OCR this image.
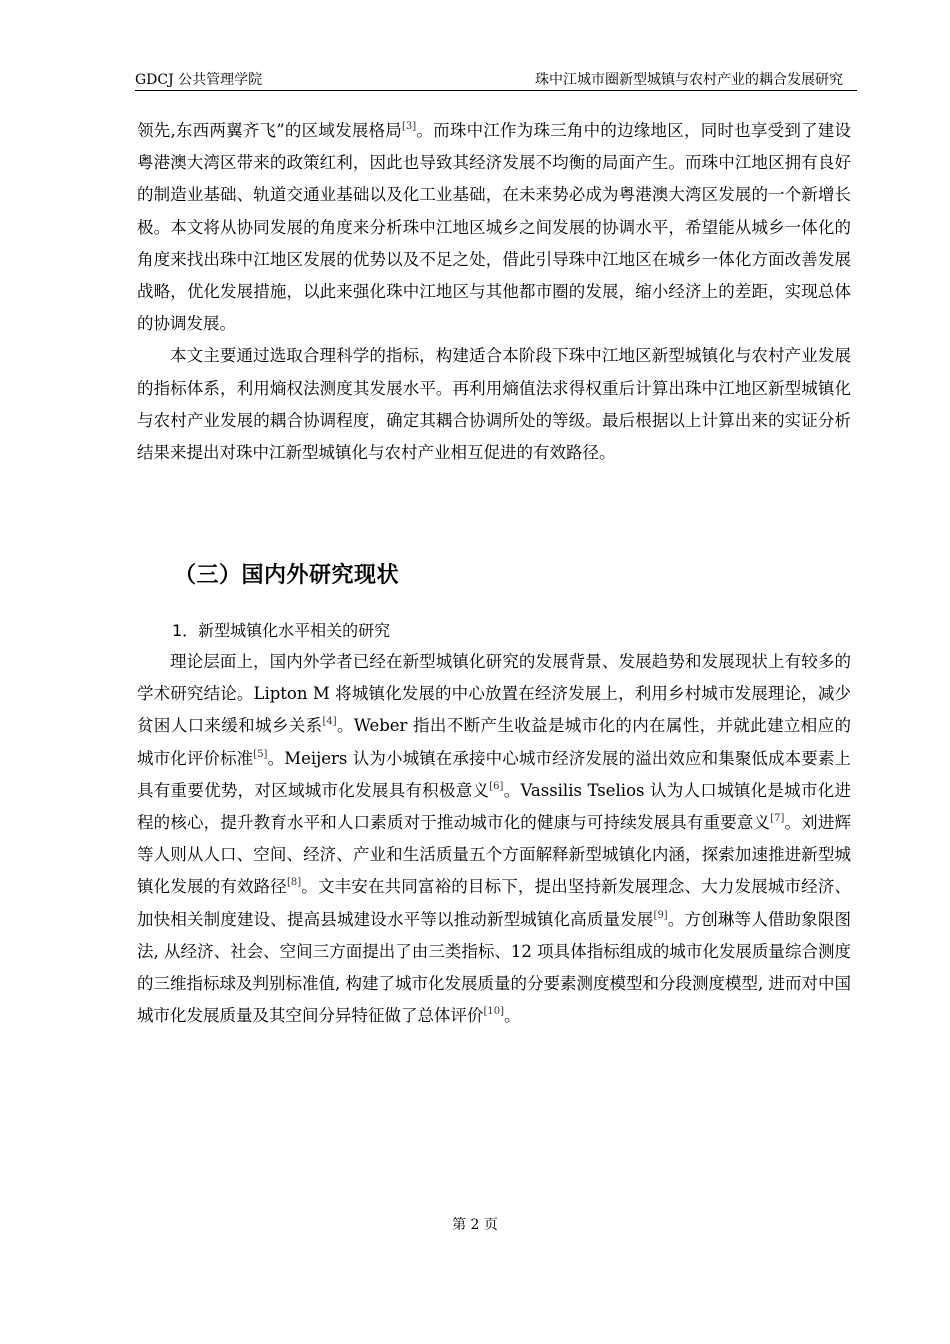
GDCJ 公共管理学院	珠中江城市圈新型城镇与农村产业的耦合发展研究

领先,东西两翼齐飞”的区域发展格局[3]。而珠中江作为珠三角中的边缘地区，同时也享受到了建设粤港澳大湾区带来的政策红利，因此也导致其经济发展不均衡的局面产生。而珠中江地区拥有良好的制造业基础、轨道交通业基础以及化工业基础，在未来势必成为粤港澳大湾区发展的一个新增长极。本文将从协同发展的角度来分析珠中江地区城乡之间发展的协调水平，希望能从城乡一体化的角度来找出珠中江地区发展的优势以及不足之处，借此引导珠中江地区在城乡一体化方面改善发展战略，优化发展措施，以此来强化珠中江地区与其他都市圈的发展，缩小经济上的差距，实现总体的协调发展。

本文主要通过选取合理科学的指标，构建适合本阶段下珠中江地区新型城镇化与农村产业发展的指标体系，利用熵权法测度其发展水平。再利用熵值法求得权重后计算出珠中江地区新型城镇化与农村产业发展的耦合协调程度，确定其耦合协调所处的等级。最后根据以上计算出来的实证分析结果来提出对珠中江新型城镇化与农村产业相互促进的有效路径。

（三）国内外研究现状
1．新型城镇化水平相关的研究

理论层面上，国内外学者已经在新型城镇化研究的发展背景、发展趋势和发展现状上有较多的学术研究结论。Lipton M 将城镇化发展的中心放置在经济发展上，利用乡村城市发展理论，减少贫困人口来缓和城乡关系[4]。Weber 指出不断产生收益是城市化的内在属性，并就此建立相应的城市化评价标准[5]。Meijers 认为小城镇在承接中心城市经济发展的溢出效应和集聚低成本要素上具有重要优势，对区域城市化发展具有积极意义[6]。Vassilis Tselios 认为人口城镇化是城市化进程的核心，提升教育水平和人口素质对于推动城市化的健康与可持续发展具有重要意义[7]。刘进辉等人则从人口、空间、经济、产业和生活质量五个方面解释新型城镇化内涵，探索加速推进新型城镇化发展的有效路径[8]。文丰安在共同富裕的目标下，提出坚持新发展理念、大力发展城市经济、加快相关制度建设、提高县城建设水平等以推动新型城镇化高质量发展[9]。方创琳等人借助象限图法, 从经济、社会、空间三方面提出了由三类指标、12 项具体指标组成的城市化发展质量综合测度的三维指标球及判别标准值, 构建了城市化发展质量的分要素测度模型和分段测度模型, 进而对中国城市化发展质量及其空间分异特征做了总体评价[10]。

第 2 页
